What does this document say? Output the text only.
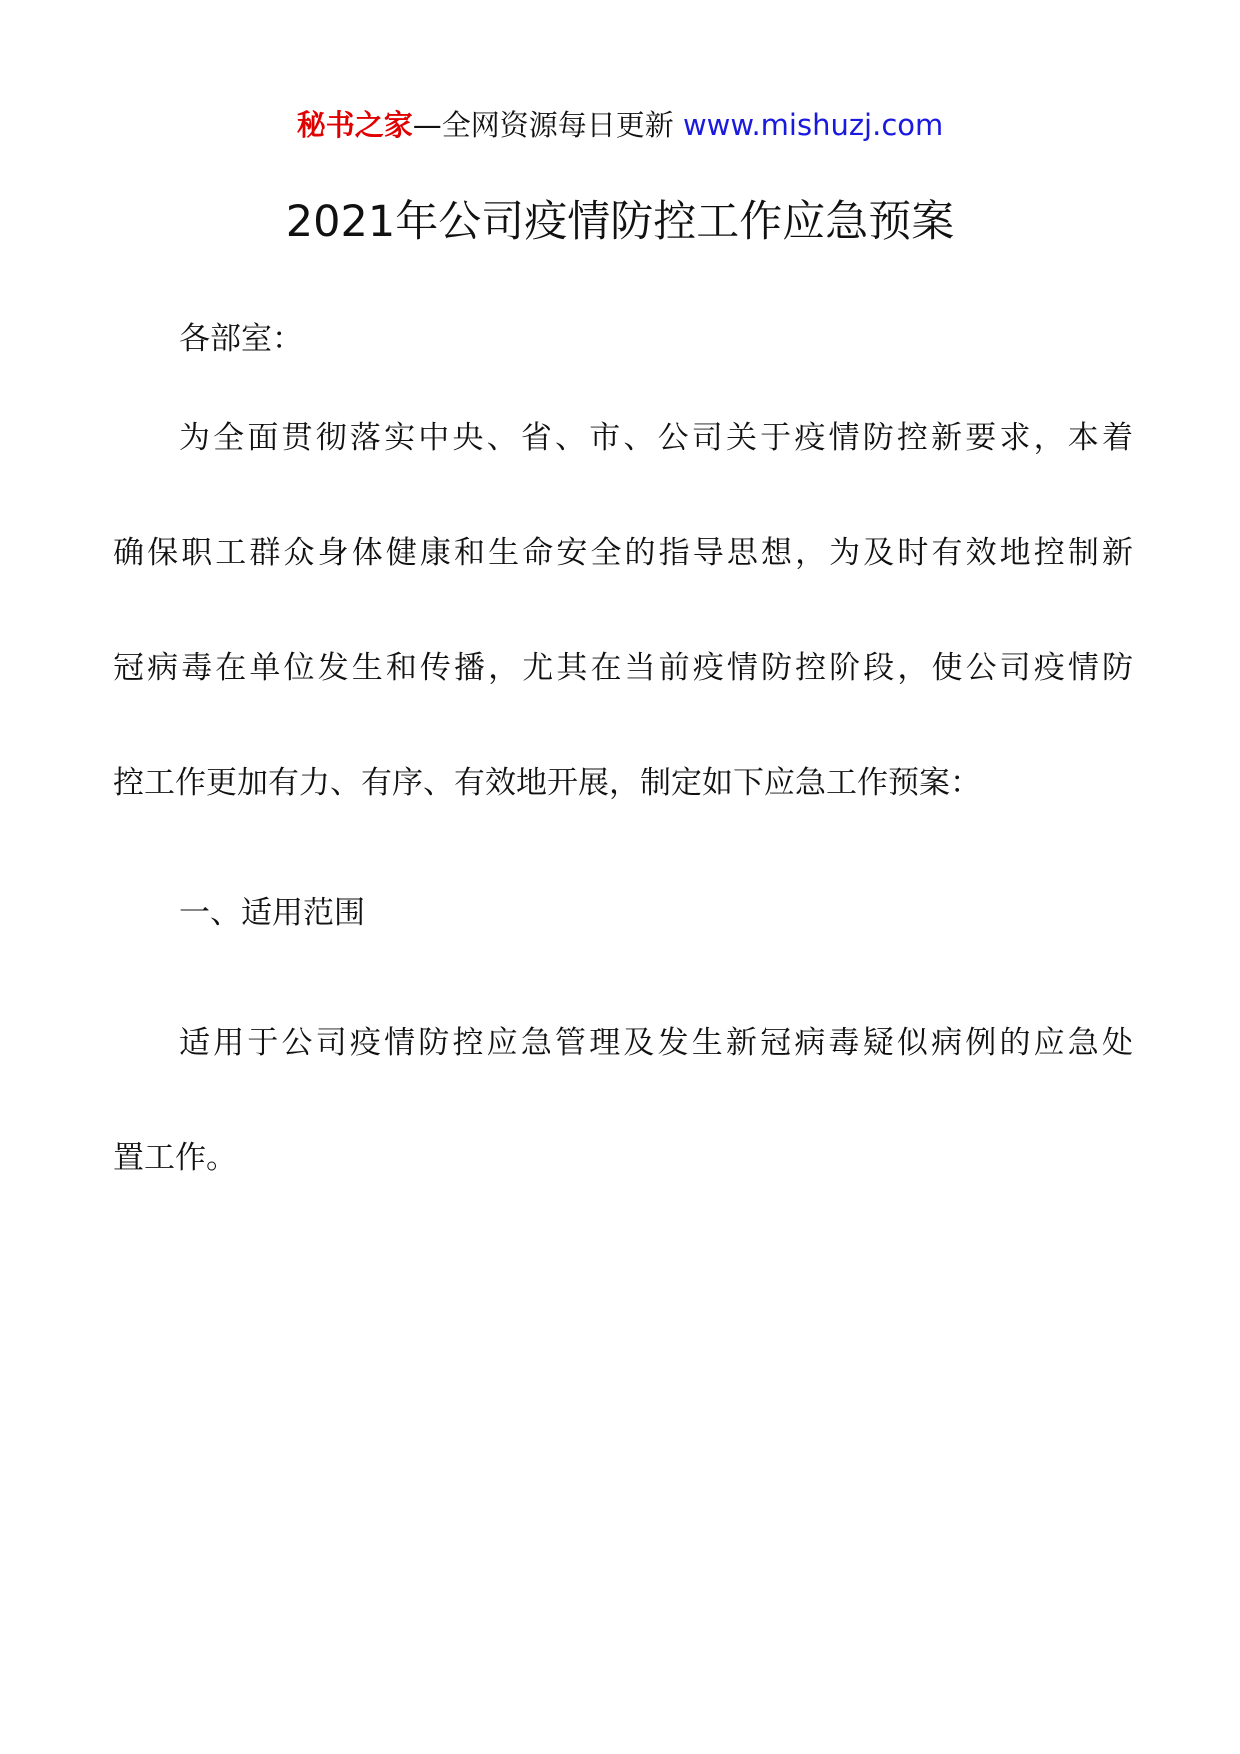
秘书之家—全网资源每日更新 www.mishuzj.com
2021年公司疫情防控工作应急预案
各部室：
为全面贯彻落实中央、省、市、公司关于疫情防控新要求，本着
确保职工群众身体健康和生命安全的指导思想，为及时有效地控制新
冠病毒在单位发生和传播，尤其在当前疫情防控阶段，使公司疫情防
控工作更加有力、有序、有效地开展，制定如下应急工作预案：
一、适用范围
适用于公司疫情防控应急管理及发生新冠病毒疑似病例的应急处
置工作。
